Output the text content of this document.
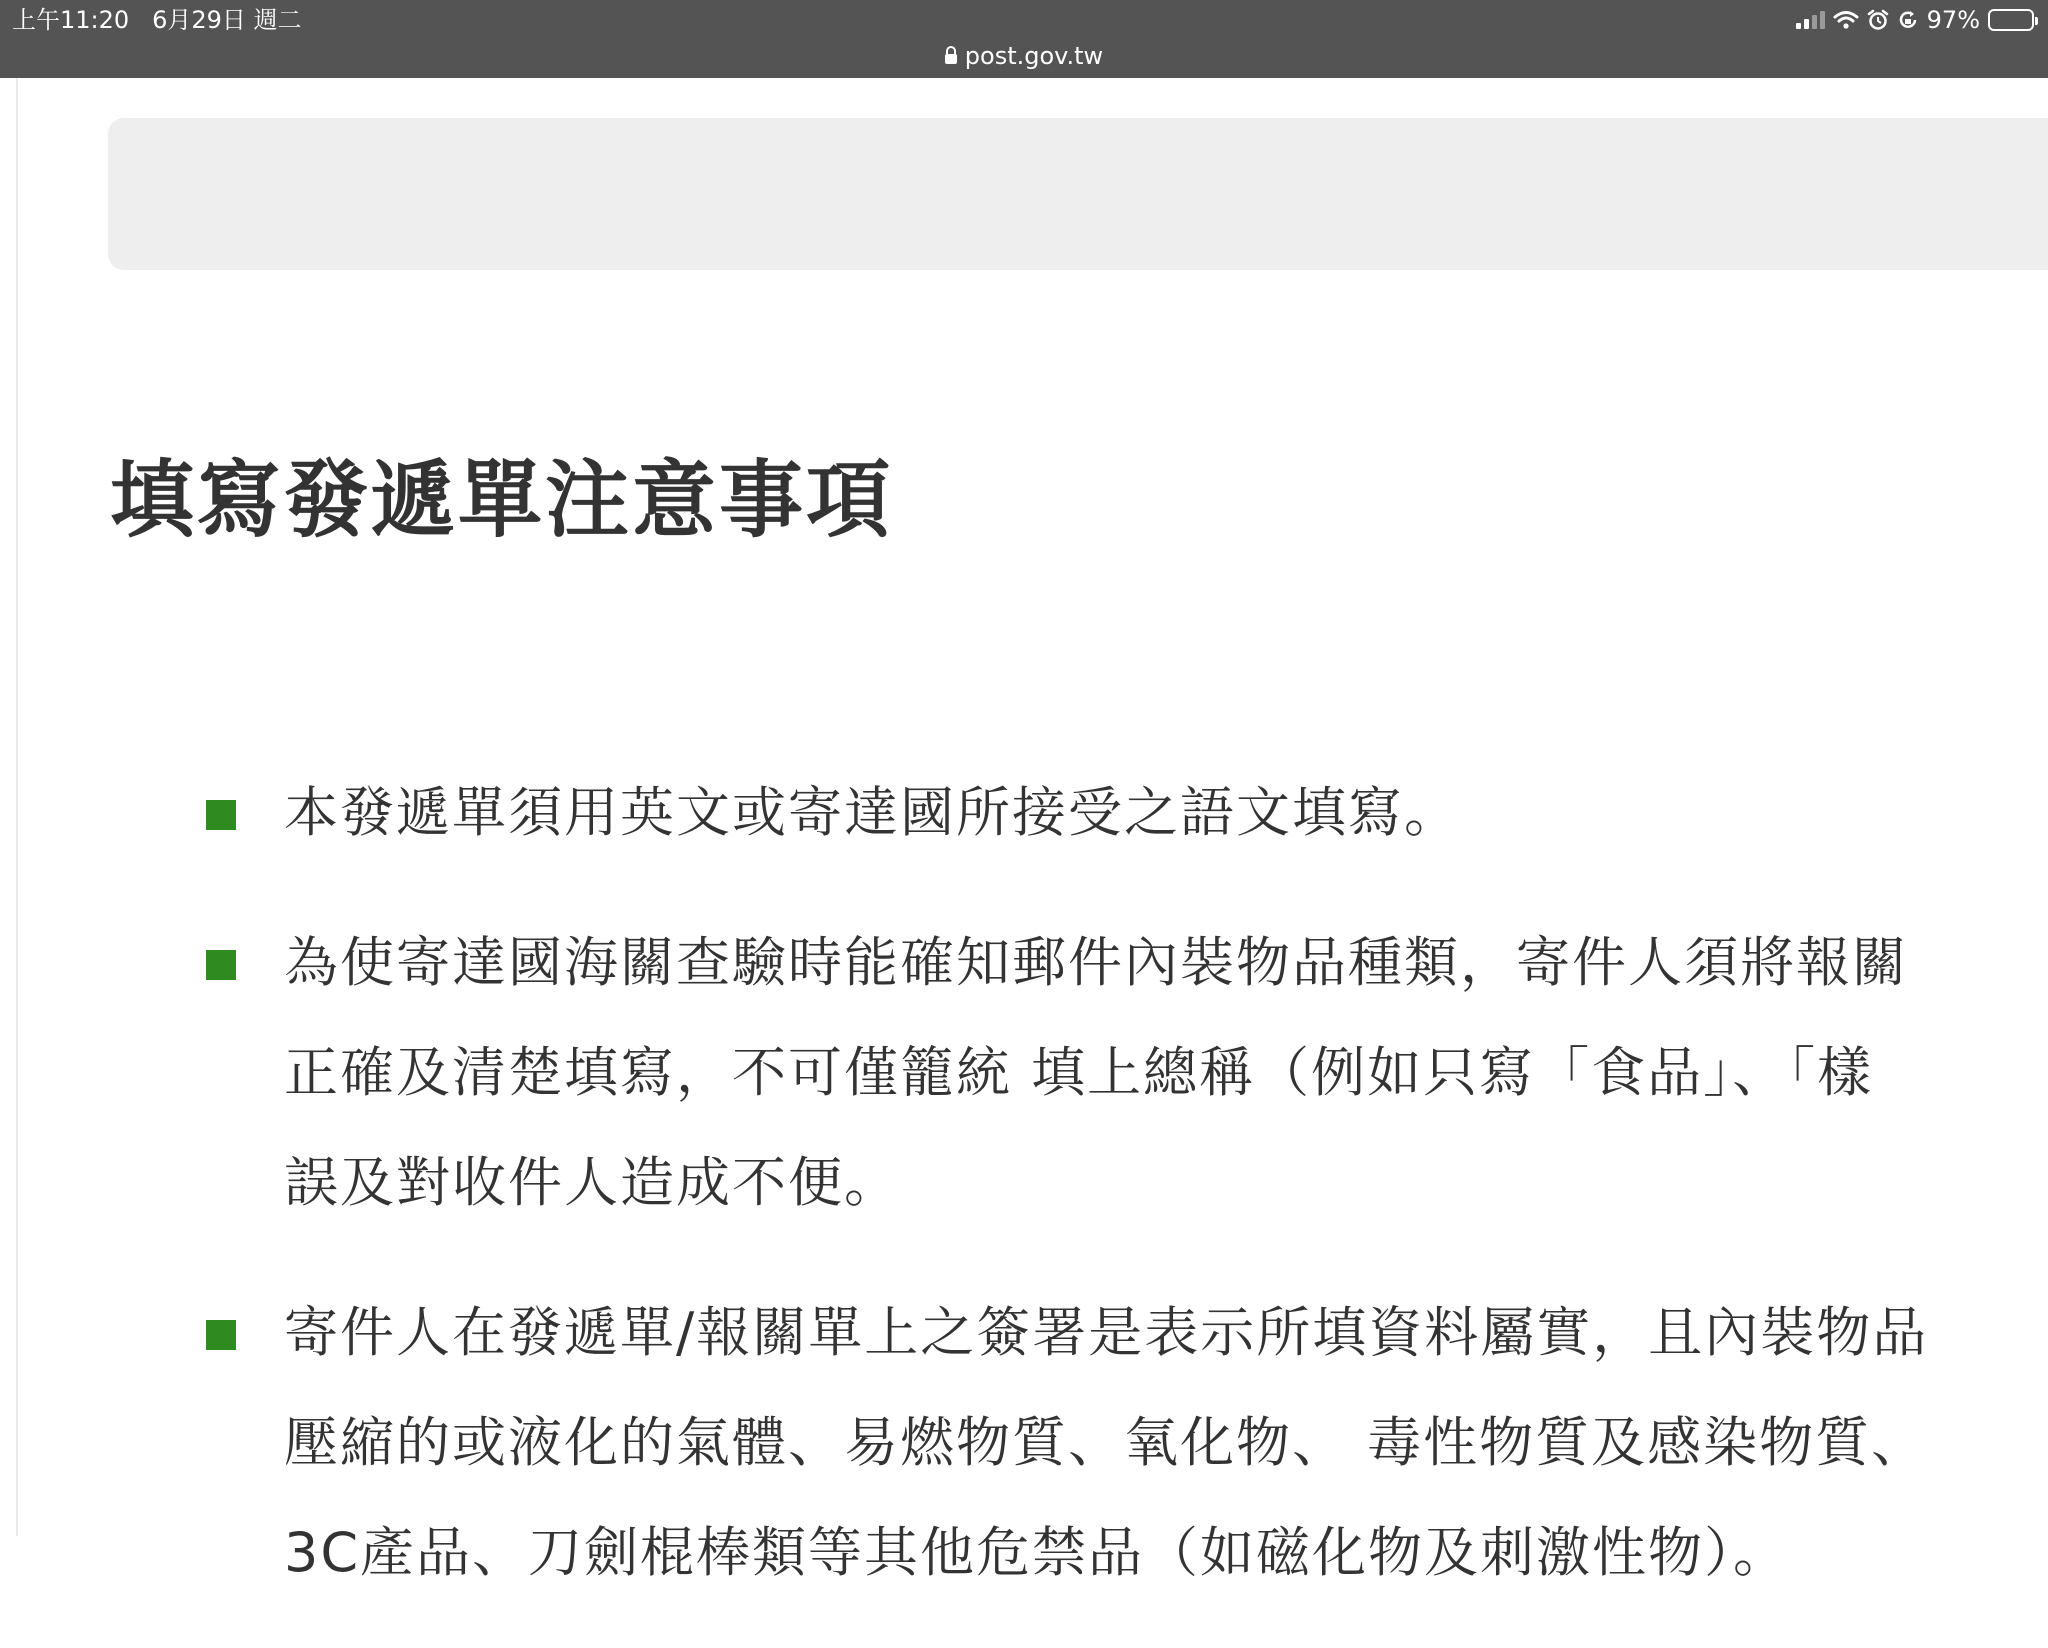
上午11:20 6月29日 週二	97%
post.gov.tw
填寫發遞單注意事項
本發遞單須用英文或寄達國所接受之語文填寫。
為使寄達國海關查驗時能確知郵件內裝物品種類，寄件人須將報關
正確及清楚填寫，不可僅籠統 填上總稱（例如只寫「食品」、「樣
誤及對收件人造成不便。
寄件人在發遞單/報關單上之簽署是表示所填資料屬實，且內裝物品
壓縮的或液化的氣體、易燃物質、氧化物、 毒性物質及感染物質、
3C產品、刀劍棍棒類等其他危禁品（如磁化物及刺激性物）。
